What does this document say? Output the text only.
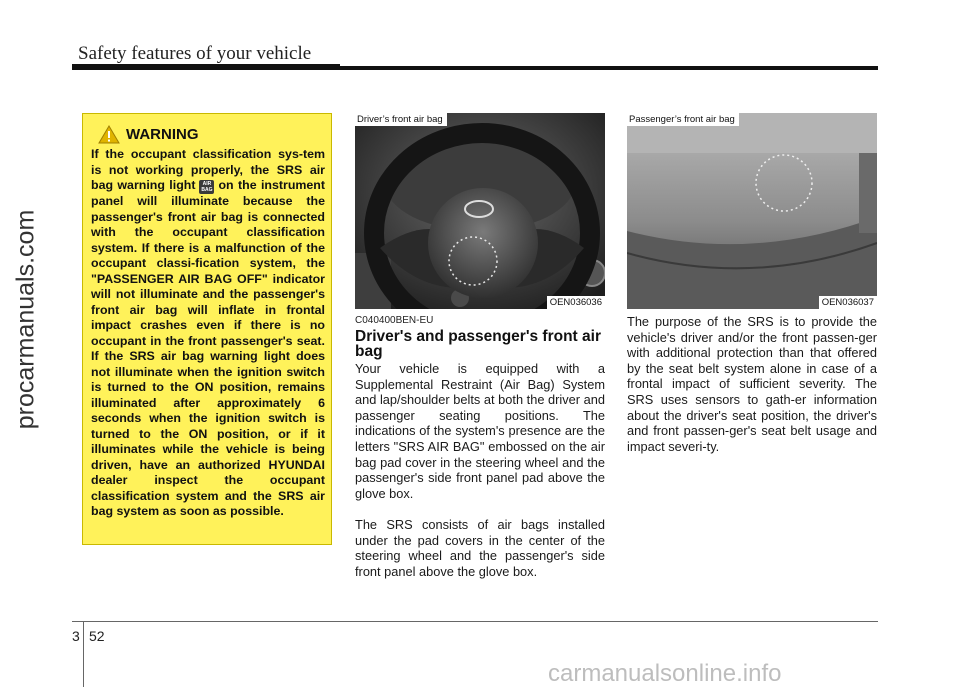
Safety features of your vehicle
procarmanuals.com
WARNING
If the occupant classification sys-tem is not working properly, the SRS air bag warning light AIR BAG on the instrument panel will illuminate because the passenger's front air bag is connected with the occupant classification system. If there is a malfunction of the occupant classi-fication system, the "PASSENGER AIR BAG OFF" indicator will not illuminate and the passenger's front air bag will inflate in frontal impact crashes even if there is no occupant in the front passenger's seat. If the SRS air bag warning light does not illuminate when the ignition switch is turned to the ON position, remains illuminated after approximately 6 seconds when the ignition switch is turned to the ON position, or if it illuminates while the vehicle is being driven, have an authorized HYUNDAI dealer inspect the occupant classification system and the SRS air bag system as soon as possible.
Driver’s front air bag
OEN036036
Passenger’s front air bag
OEN036037
C040400BEN-EU
Driver's and passenger's front air bag
Your vehicle is equipped with a Supplemental Restraint (Air Bag) System and lap/shoulder belts at both the driver and passenger seating positions. The indications of the system's presence are the letters "SRS AIR BAG" embossed on the air bag pad cover in the steering wheel and the passenger's side front panel pad above the glove box.
The SRS consists of air bags installed under the pad covers in the center of the steering wheel and the passenger's side front panel above the glove box.
The purpose of the SRS is to provide the vehicle's driver and/or the front passen-ger with additional protection than that offered by the seat belt system alone in case of a frontal impact of sufficient severity. The SRS uses sensors to gath-er information about the driver's seat position, the driver's and front passen-ger's seat belt usage and impact severi-ty.
3 52
carmanualsonline.info
